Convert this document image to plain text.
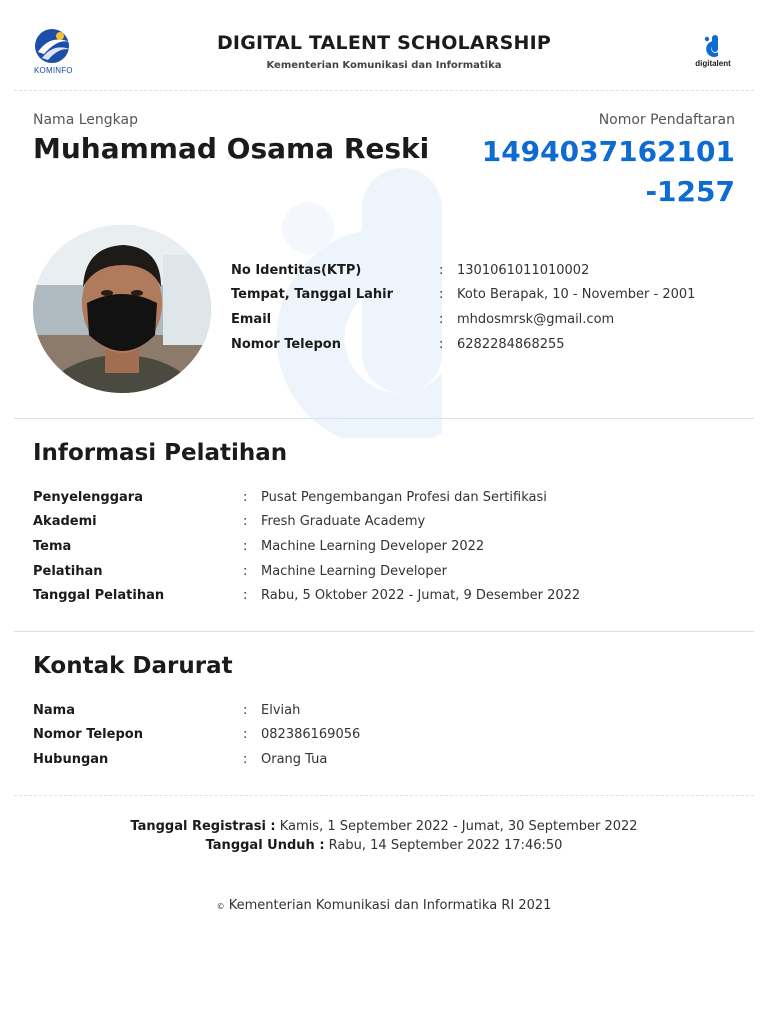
KOMINFO
DIGITAL TALENT SCHOLARSHIP
Kementerian Komunikasi dan Informatika	digitalent
Nama Lengkap	Nomor Pendaftaran
Muhammad Osama Reski 1494037162101-1257
No Identitas(KTP)	: 1301061011010002
Tempat, Tanggal Lahir	: Koto Berapak, 10 - November - 2001
Email	: mhdosmrsk@gmail.com
Nomor Telepon	: 6282284868255
Informasi Pelatihan
Penyelenggara	: Pusat Pengembangan Profesi dan Sertifikasi
Akademi	: Fresh Graduate Academy
Tema	: Machine Learning Developer 2022
Pelatihan	: Machine Learning Developer
Tanggal Pelatihan	: Rabu, 5 Oktober 2022 - Jumat, 9 Desember 2022
Kontak Darurat
Nama	: Elviah
Nomor Telepon	: 082386169056
Hubungan	: Orang Tua
Tanggal Registrasi : Kamis, 1 September 2022 - Jumat, 30 September 2022
Tanggal Unduh : Rabu, 14 September 2022 17:46:50
© Kementerian Komunikasi dan Informatika RI 2021
